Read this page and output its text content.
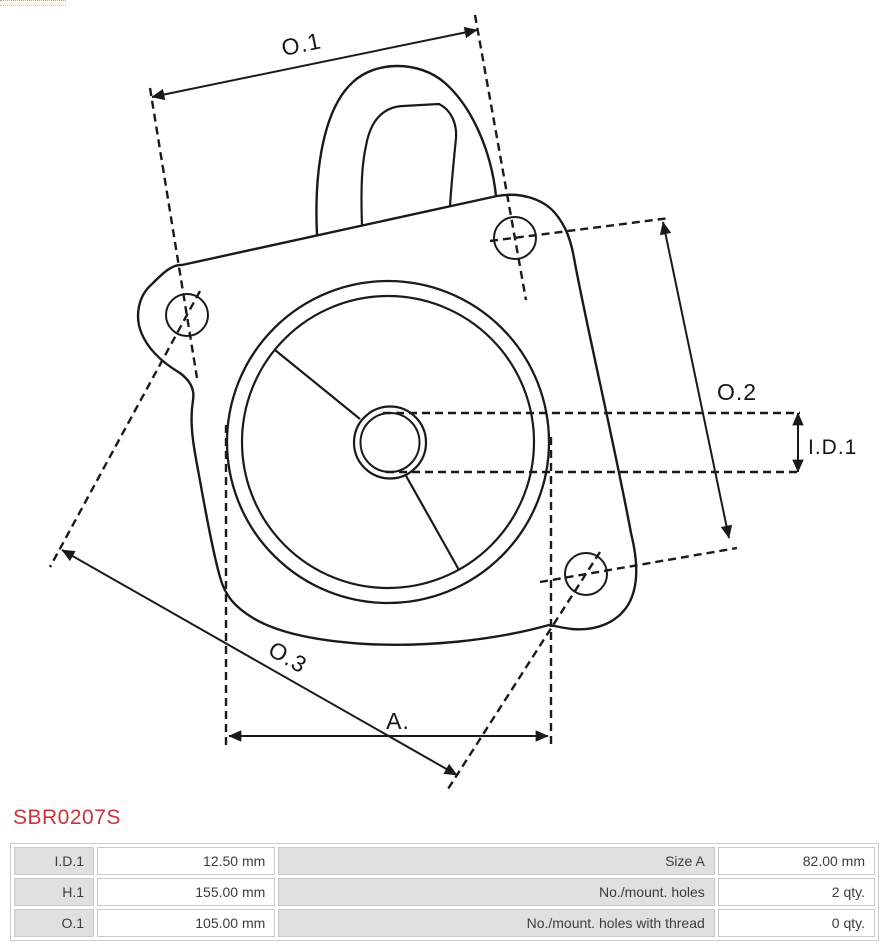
O.1
O.2
I.D.1
O.3
A.
SBR0207S
I.D.1	12.50 mm	Size A	82.00 mm
H.1	155.00 mm	No./mount. holes	2 qty.
O.1	105.00 mm	No./mount. holes with thread	0 qty.
